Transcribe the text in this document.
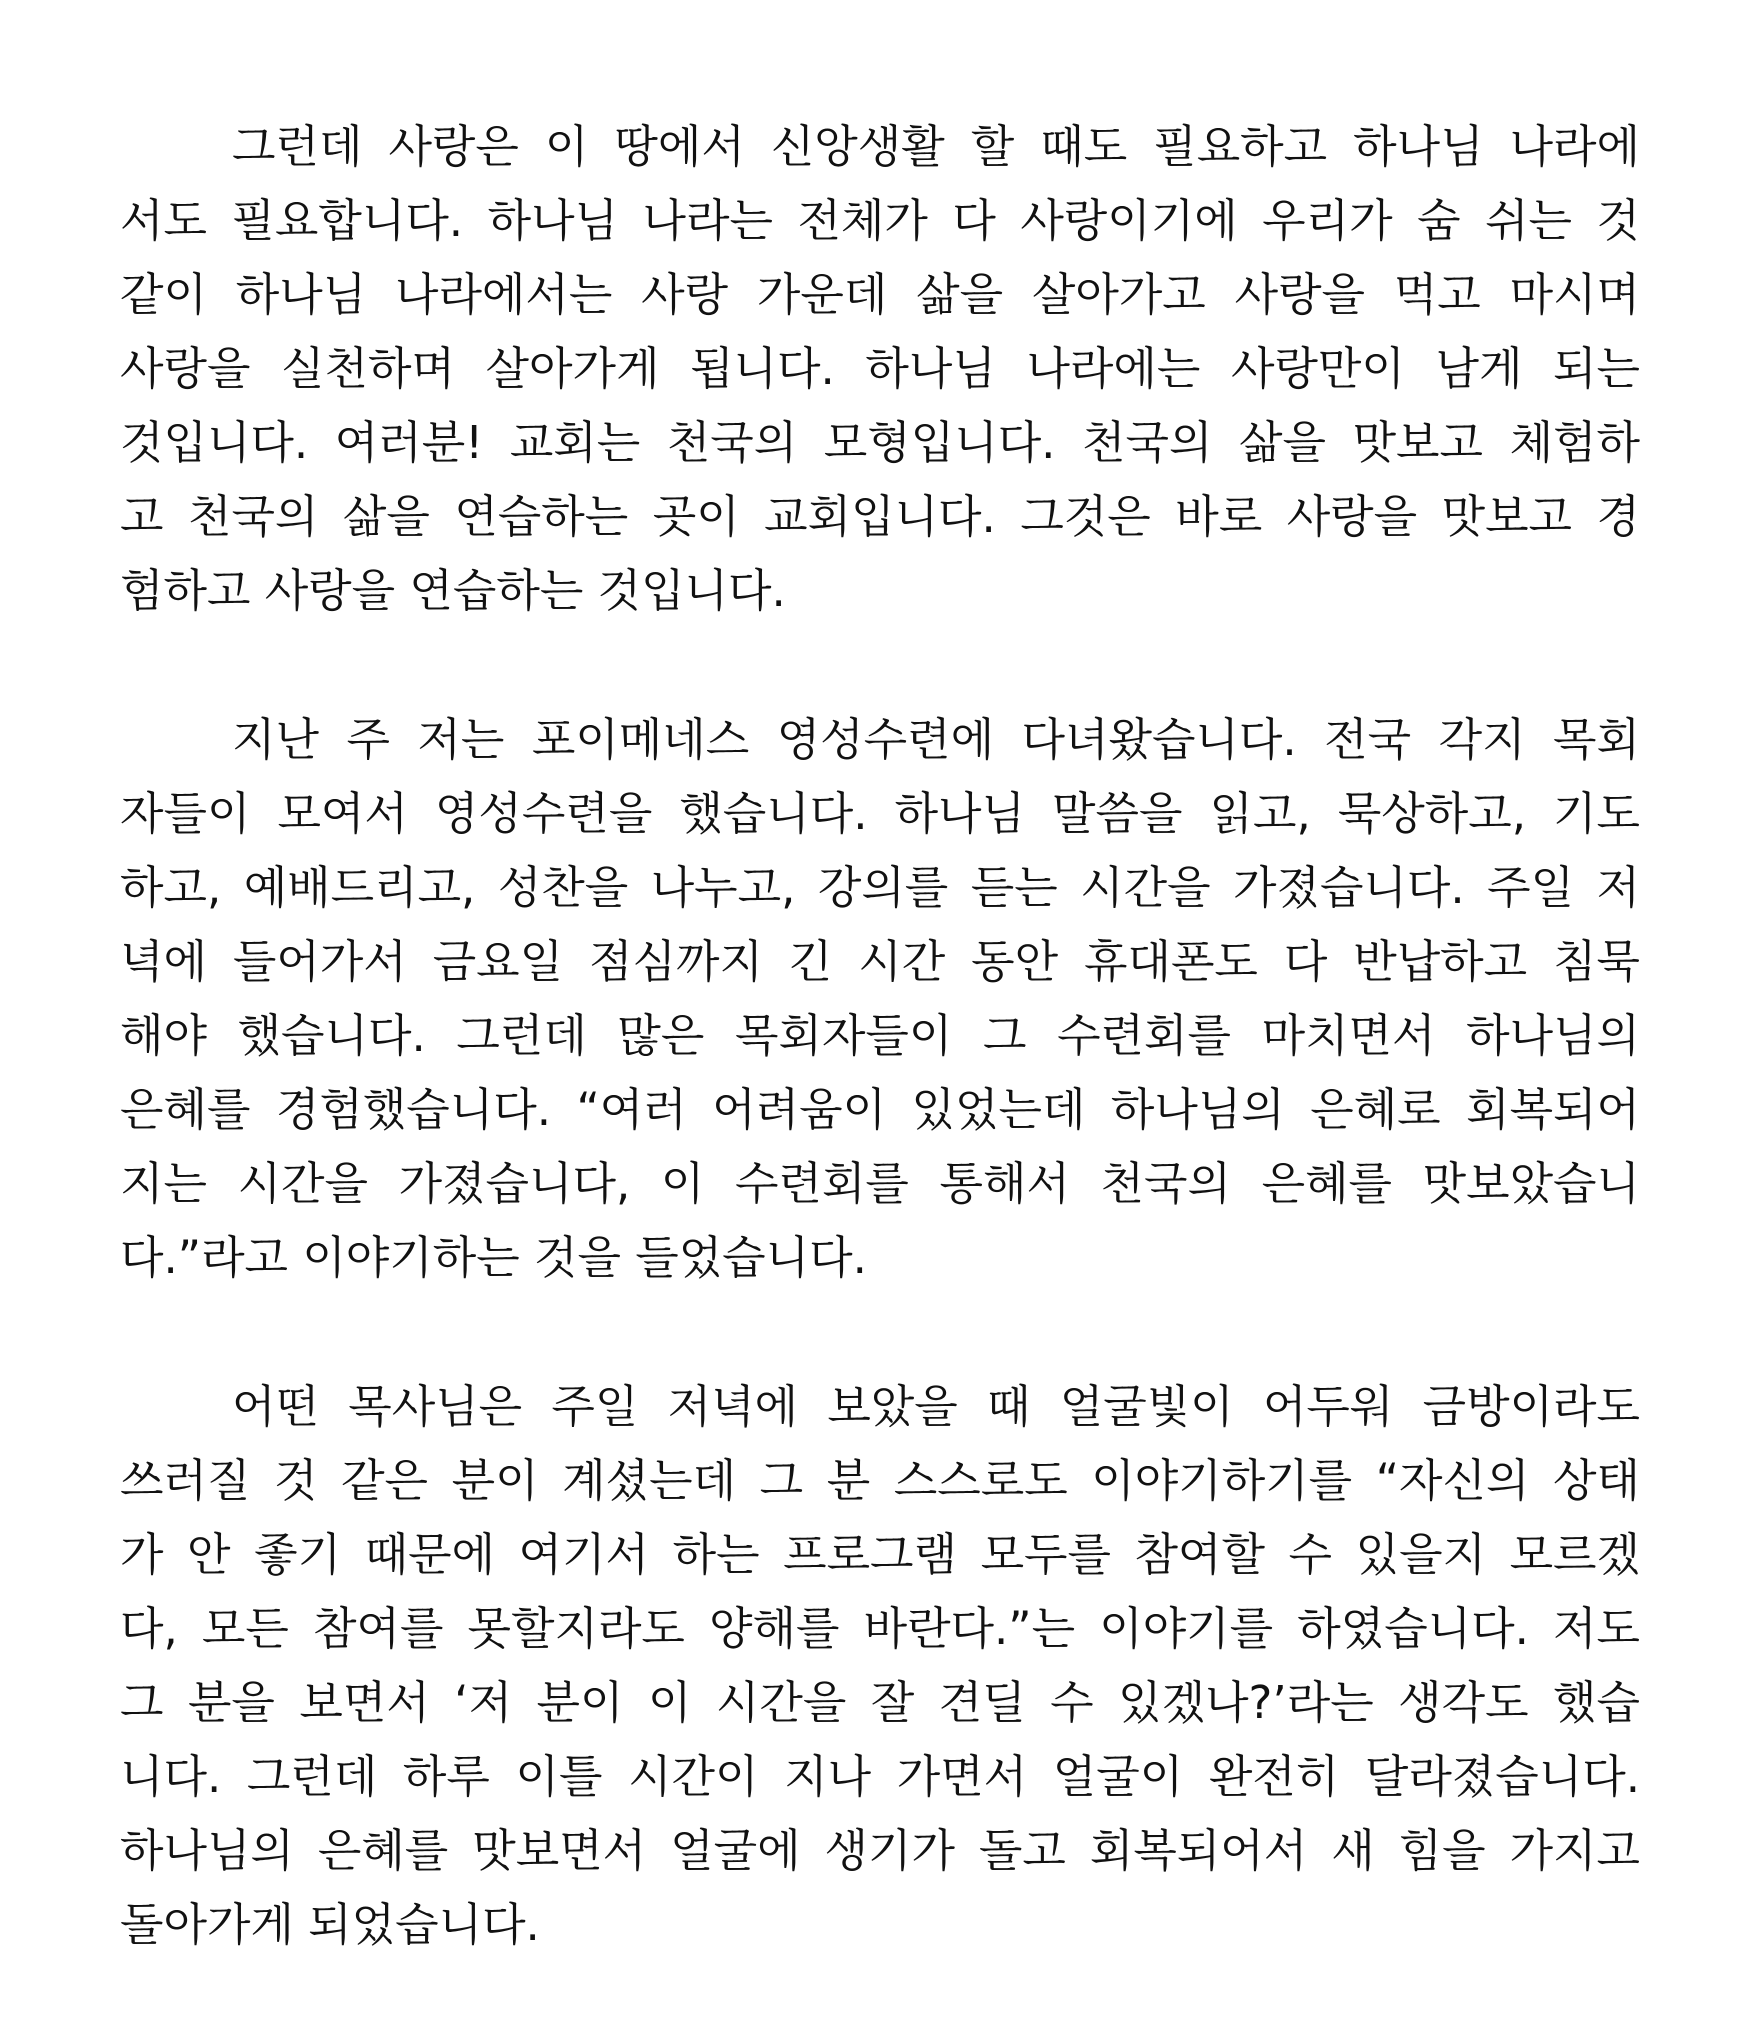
그런데 사랑은 이 땅에서 신앙생활 할 때도 필요하고 하나님 나라에
서도 필요합니다. 하나님 나라는 전체가 다 사랑이기에 우리가 숨 쉬는 것
같이 하나님 나라에서는 사랑 가운데 삶을 살아가고 사랑을 먹고 마시며
사랑을 실천하며 살아가게 됩니다. 하나님 나라에는 사랑만이 남게 되는
것입니다. 여러분! 교회는 천국의 모형입니다. 천국의 삶을 맛보고 체험하
고 천국의 삶을 연습하는 곳이 교회입니다. 그것은 바로 사랑을 맛보고 경
험하고 사랑을 연습하는 것입니다.
지난 주 저는 포이메네스 영성수련에 다녀왔습니다. 전국 각지 목회
자들이 모여서 영성수련을 했습니다. 하나님 말씀을 읽고, 묵상하고, 기도
하고, 예배드리고, 성찬을 나누고, 강의를 듣는 시간을 가졌습니다. 주일 저
녁에 들어가서 금요일 점심까지 긴 시간 동안 휴대폰도 다 반납하고 침묵
해야 했습니다. 그런데 많은 목회자들이 그 수련회를 마치면서 하나님의
은혜를 경험했습니다. “여러 어려움이 있었는데 하나님의 은혜로 회복되어
지는 시간을 가졌습니다, 이 수련회를 통해서 천국의 은혜를 맛보았습니
다.”라고 이야기하는 것을 들었습니다.
어떤 목사님은 주일 저녁에 보았을 때 얼굴빛이 어두워 금방이라도
쓰러질 것 같은 분이 계셨는데 그 분 스스로도 이야기하기를 “자신의 상태
가 안 좋기 때문에 여기서 하는 프로그램 모두를 참여할 수 있을지 모르겠
다, 모든 참여를 못할지라도 양해를 바란다.”는 이야기를 하였습니다. 저도
그 분을 보면서 ‘저 분이 이 시간을 잘 견딜 수 있겠나?’라는 생각도 했습
니다. 그런데 하루 이틀 시간이 지나 가면서 얼굴이 완전히 달라졌습니다.
하나님의 은혜를 맛보면서 얼굴에 생기가 돌고 회복되어서 새 힘을 가지고
돌아가게 되었습니다.
